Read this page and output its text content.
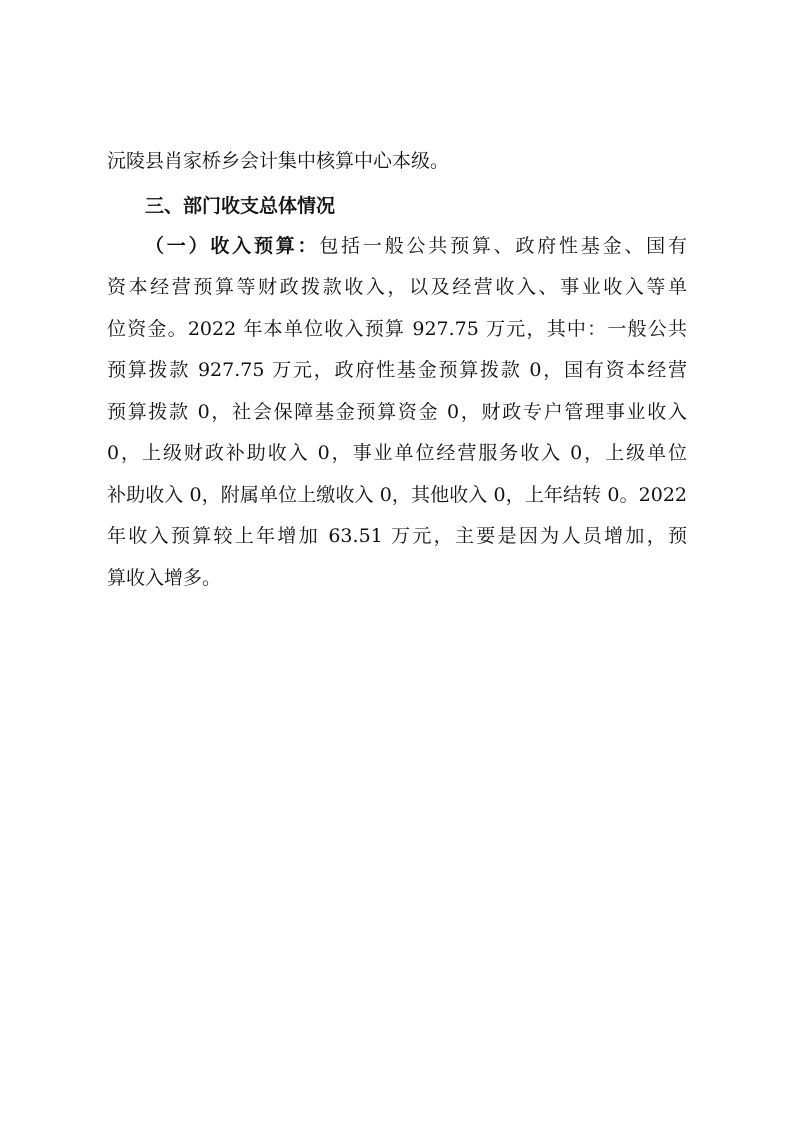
沅陵县肖家桥乡会计集中核算中心本级。
三、部门收支总体情况
（一）收入预算：包括一般公共预算、政府性基金、国有
资本经营预算等财政拨款收入，以及经营收入、事业收入等单
位资金。2022 年本单位收入预算 927.75 万元，其中：一般公共
预算拨款 927.75 万元，政府性基金预算拨款 0，国有资本经营
预算拨款 0，社会保障基金预算资金 0，财政专户管理事业收入
0，上级财政补助收入 0，事业单位经营服务收入 0，上级单位
补助收入 0，附属单位上缴收入 0，其他收入 0，上年结转 0。2022
年收入预算较上年增加 63.51 万元，主要是因为人员增加，预
算收入增多。
